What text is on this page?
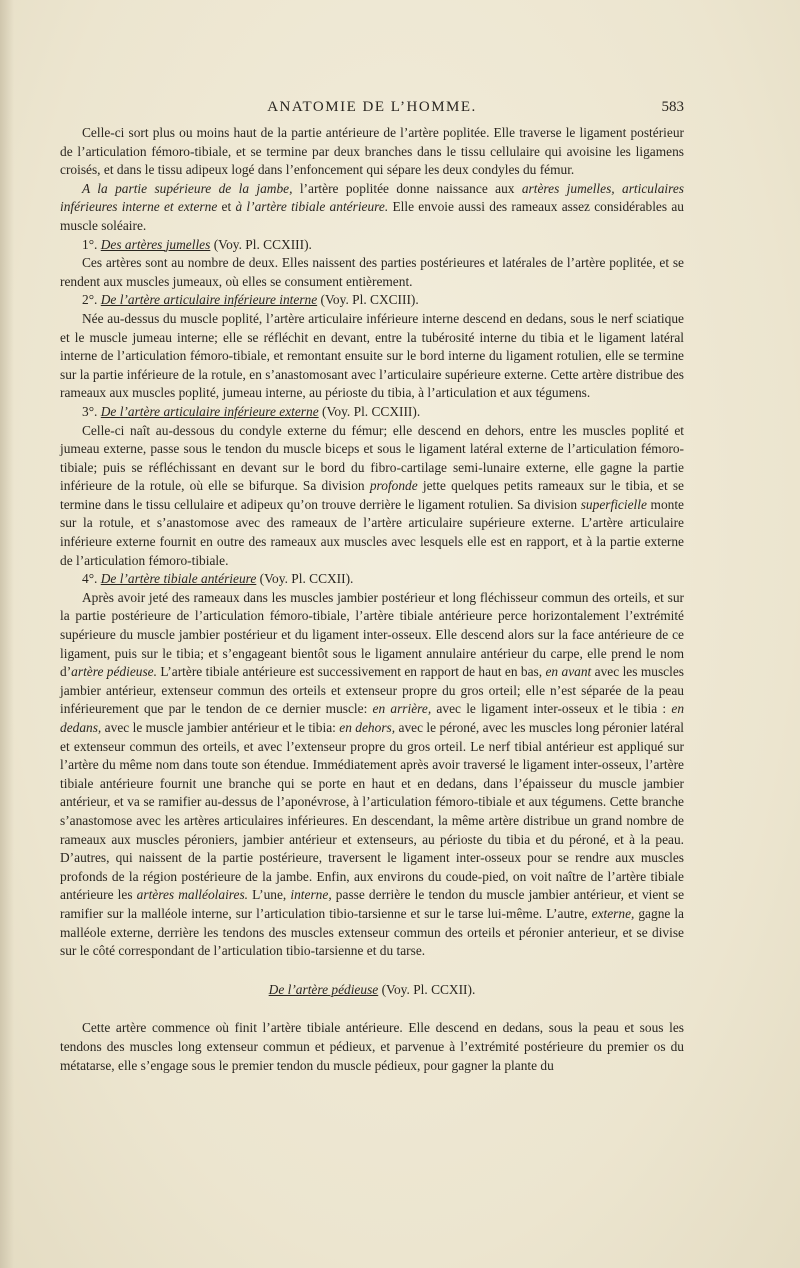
ANATOMIE DE L’HOMME.	583

Celle-ci sort plus ou moins haut de la partie antérieure de l’artère poplitée. Elle traverse le ligament postérieur de l’articulation fémoro-tibiale, et se termine par deux branches dans le tissu cellulaire qui avoisine les ligamens croisés, et dans le tissu adipeux logé dans l’enfoncement qui sépare les deux condyles du fémur.

A la partie supérieure de la jambe, l’artère poplitée donne naissance aux artères jumelles, articulaires inférieures interne et externe et à l’artère tibiale antérieure. Elle envoie aussi des rameaux assez considérables au muscle soléaire.

1°. Des artères jumelles (Voy. Pl. CCXIII).

Ces artères sont au nombre de deux. Elles naissent des parties postérieures et latérales de l’artère poplitée, et se rendent aux muscles jumeaux, où elles se consument entièrement.

2°. De l’artère articulaire inférieure interne (Voy. Pl. CXCIII).

Née au-dessus du muscle poplité, l’artère articulaire inférieure interne descend en dedans, sous le nerf sciatique et le muscle jumeau interne; elle se réfléchit en devant, entre la tubérosité interne du tibia et le ligament latéral interne de l’articulation fémoro-tibiale, et remontant ensuite sur le bord interne du ligament rotulien, elle se termine sur la partie inférieure de la rotule, en s’anastomosant avec l’articulaire supérieure externe. Cette artère distribue des rameaux aux muscles poplité, jumeau interne, au périoste du tibia, à l’articulation et aux tégumens.

3°. De l’artère articulaire inférieure externe (Voy. Pl. CCXIII).

Celle-ci naît au-dessous du condyle externe du fémur; elle descend en dehors, entre les muscles poplité et jumeau externe, passe sous le tendon du muscle biceps et sous le ligament latéral externe de l’articulation fémoro-tibiale; puis se réfléchissant en devant sur le bord du fibro-cartilage semi-lunaire externe, elle gagne la partie inférieure de la rotule, où elle se bifurque. Sa division profonde jette quelques petits rameaux sur le tibia, et se termine dans le tissu cellulaire et adipeux qu’on trouve derrière le ligament rotulien. Sa division superficielle monte sur la rotule, et s’anastomose avec des rameaux de l’artère articulaire supérieure externe. L’artère articulaire inférieure externe fournit en outre des rameaux aux muscles avec lesquels elle est en rapport, et à la partie externe de l’articulation fémoro-tibiale.

4°. De l’artère tibiale antérieure (Voy. Pl. CCXII).

Après avoir jeté des rameaux dans les muscles jambier postérieur et long fléchisseur commun des orteils, et sur la partie postérieure de l’articulation fémoro-tibiale, l’artère tibiale antérieure perce horizontalement l’extrémité supérieure du muscle jambier postérieur et du ligament inter-osseux. Elle descend alors sur la face antérieure de ce ligament, puis sur le tibia; et s’engageant bientôt sous le ligament annulaire antérieur du carpe, elle prend le nom d’artère pédieuse. L’artère tibiale antérieure est successivement en rapport de haut en bas, en avant avec les muscles jambier antérieur, extenseur commun des orteils et extenseur propre du gros orteil; elle n’est séparée de la peau inférieurement que par le tendon de ce dernier muscle: en arrière, avec le ligament inter-osseux et le tibia : en dedans, avec le muscle jambier antérieur et le tibia: en dehors, avec le péroné, avec les muscles long péronier latéral et extenseur commun des orteils, et avec l’extenseur propre du gros orteil. Le nerf tibial antérieur est appliqué sur l’artère du même nom dans toute son étendue. Immédiatement après avoir traversé le ligament inter-osseux, l’artère tibiale antérieure fournit une branche qui se porte en haut et en dedans, dans l’épaisseur du muscle jambier antérieur, et va se ramifier au-dessus de l’aponévrose, à l’articulation fémoro-tibiale et aux tégumens. Cette branche s’anastomose avec les artères articulaires inférieures. En descendant, la même artère distribue un grand nombre de rameaux aux muscles péroniers, jambier antérieur et extenseurs, au périoste du tibia et du péroné, et à la peau. D’autres, qui naissent de la partie postérieure, traversent le ligament inter-osseux pour se rendre aux muscles profonds de la région postérieure de la jambe. Enfin, aux environs du coude-pied, on voit naître de l’artère tibiale antérieure les artères malléolaires. L’une, interne, passe derrière le tendon du muscle jambier antérieur, et vient se ramifier sur la malléole interne, sur l’articulation tibio-tarsienne et sur le tarse lui-même. L’autre, externe, gagne la malléole externe, derrière les tendons des muscles extenseur commun des orteils et péronier anterieur, et se divise sur le côté correspondant de l’articulation tibio-tarsienne et du tarse.

De l’artère pédieuse (Voy. Pl. CCXII).

Cette artère commence où finit l’artère tibiale antérieure. Elle descend en dedans, sous la peau et sous les tendons des muscles long extenseur commun et pédieux, et parvenue à l’extrémité postérieure du premier os du métatarse, elle s’engage sous le premier tendon du muscle pédieux, pour gagner la plante du
